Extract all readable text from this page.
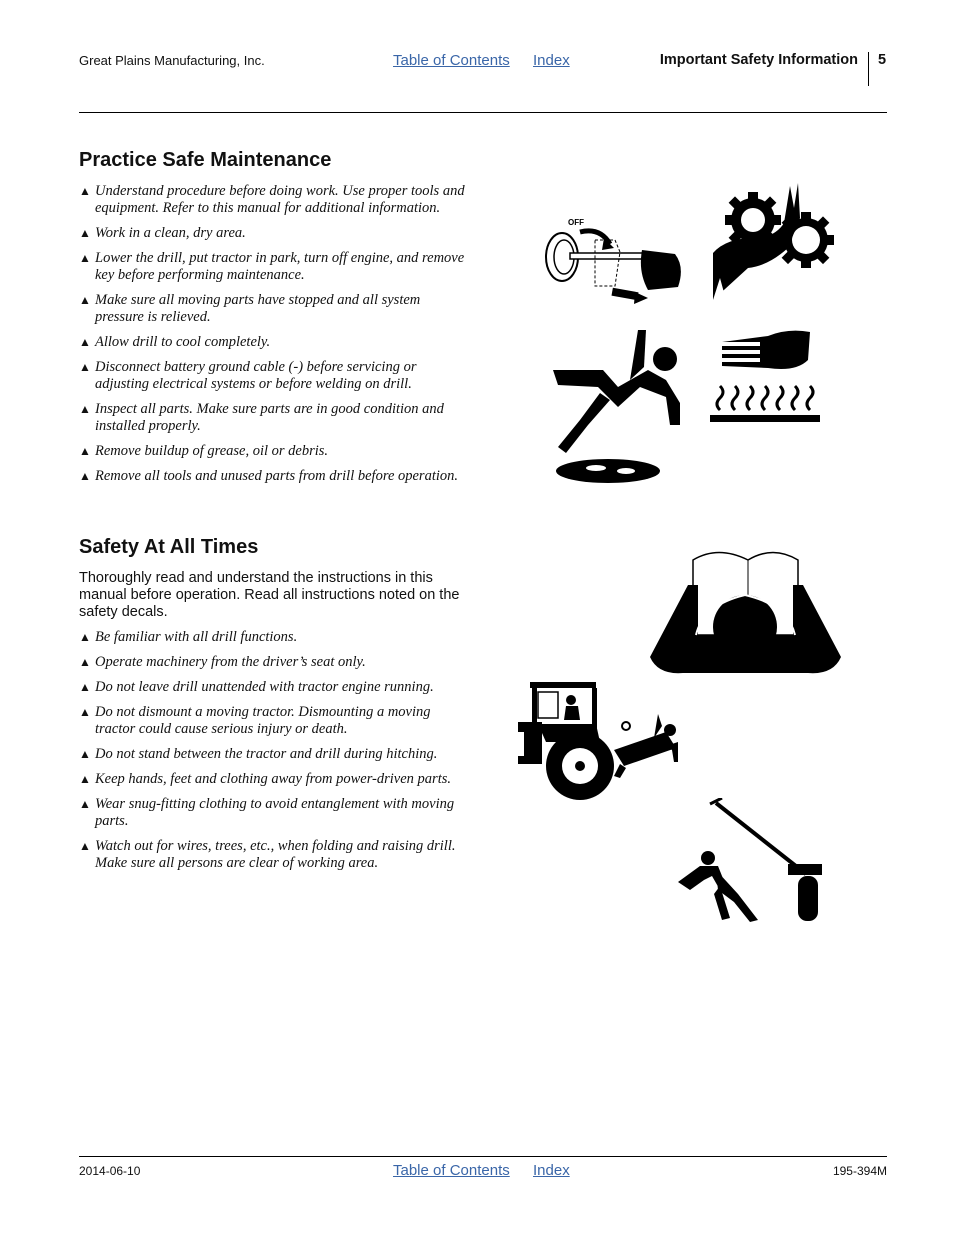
Great Plains Manufacturing, Inc.	Table of Contents Index	Important Safety Information 5
Practice Safe Maintenance
▲ Understand procedure before doing work. Use proper tools and equipment. Refer to this manual for additional information.
▲ Work in a clean, dry area.
▲ Lower the drill, put tractor in park, turn off engine, and remove key before performing maintenance.
▲ Make sure all moving parts have stopped and all system pressure is relieved.
▲ Allow drill to cool completely.
▲ Disconnect battery ground cable (-) before servicing or adjusting electrical systems or before welding on drill.
▲ Inspect all parts. Make sure parts are in good condition and installed properly.
▲ Remove buildup of grease, oil or debris.
▲ Remove all tools and unused parts from drill before operation.
Safety At All Times

Thoroughly read and understand the instructions in this manual before operation. Read all instructions noted on the safety decals.

▲ Be familiar with all drill functions.
▲ Operate machinery from the driver’s seat only.
▲ Do not leave drill unattended with tractor engine running.
▲ Do not dismount a moving tractor. Dismounting a moving tractor could cause serious injury or death.
▲ Do not stand between the tractor and drill during hitching.
▲ Keep hands, feet and clothing away from power-driven parts.
▲ Wear snug-fitting clothing to avoid entanglement with moving parts.
▲ Watch out for wires, trees, etc., when folding and raising drill. Make sure all persons are clear of working area.
OFF
2014-06-10	Table of Contents Index	195-394M
